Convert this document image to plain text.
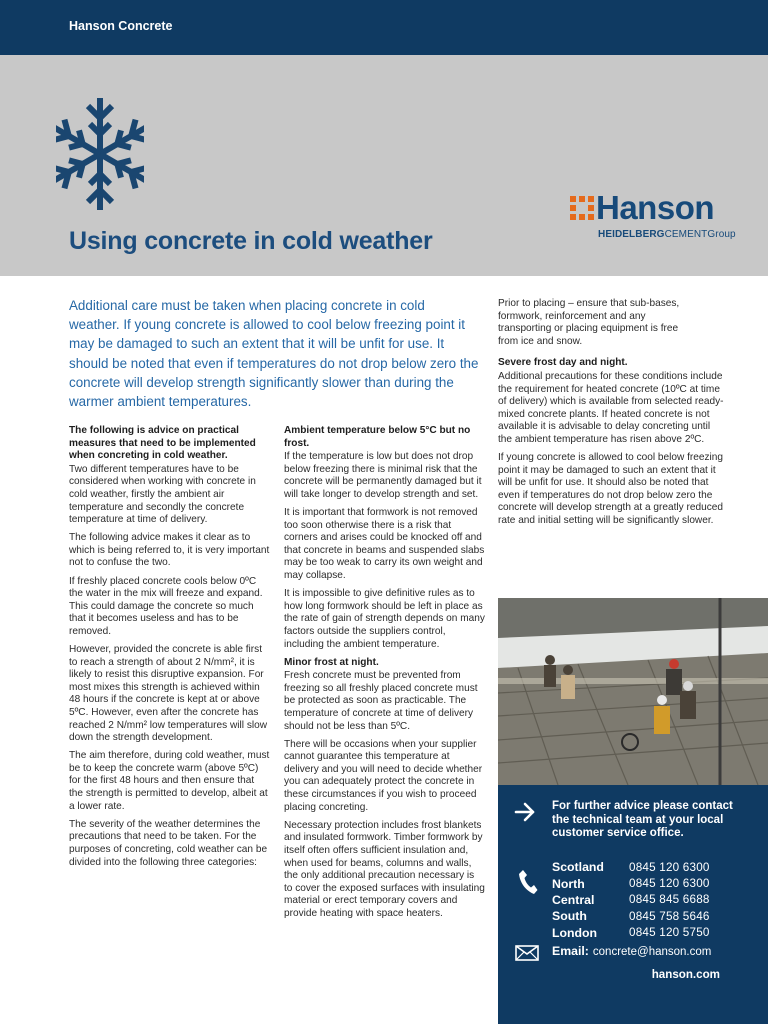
Hanson Concrete
Using concrete in cold weather
Hanson
HEIDELBERGCEMENTGroup
Additional care must be taken when placing concrete in cold weather. If young concrete is allowed to cool below freezing point it may be damaged to such an extent that it will be unfit for use. It should be noted that even if temperatures do not drop below zero the concrete will develop strength significantly slower than during the warmer ambient temperatures.

The following is advice on practical measures that need to be implemented when concreting in cold weather.

Two different temperatures have to be considered when working with concrete in cold weather, firstly the ambient air temperature and secondly the concrete temperature at time of delivery.

The following advice makes it clear as to which is being referred to, it is very important not to confuse the two.

If freshly placed concrete cools below 0ºC the water in the mix will freeze and expand. This could damage the concrete so much that it becomes useless and has to be removed.

However, provided the concrete is able first to reach a strength of about 2 N/mm², it is likely to resist this disruptive expansion. For most mixes this strength is achieved within 48 hours if the concrete is kept at or above 5ºC. However, even after the concrete has reached 2 N/mm² low temperatures will slow down the strength development.

The aim therefore, during cold weather, must be to keep the concrete warm (above 5ºC) for the first 48 hours and then ensure that the strength is permitted to develop, albeit at a lower rate.

The severity of the weather determines the precautions that need to be taken. For the purposes of concreting, cold weather can be divided into the following three categories:

Ambient temperature below 5°C but no frost.

If the temperature is low but does not drop below freezing there is minimal risk that the concrete will be permanently damaged but it will take longer to develop strength and set.

It is important that formwork is not removed too soon otherwise there is a risk that corners and arises could be knocked off and that concrete in beams and suspended slabs may be too weak to carry its own weight and may collapse.

It is impossible to give definitive rules as to how long formwork should be left in place as the rate of gain of strength depends on many factors outside the suppliers control, including the ambient temperature.

Minor frost at night.

Fresh concrete must be prevented from freezing so all freshly placed concrete must be protected as soon as practicable. The temperature of concrete at time of delivery should not be less than 5ºC.

There will be occasions when your supplier cannot guarantee this temperature at delivery and you will need to decide whether you can adequately protect the concrete in these circumstances if you wish to proceed placing concreting.

Necessary protection includes frost blankets and insulated formwork. Timber formwork by itself often offers sufficient insulation and, when used for beams, columns and walls, the only additional precaution necessary is to cover the exposed surfaces with insulating material or erect temporary covers and provide heating with space heaters.

Prior to placing – ensure that sub-bases, formwork, reinforcement and any transporting or placing equipment is free from ice and snow.

Severe frost day and night.

Additional precautions for these conditions include the requirement for heated concrete (10ºC at time of delivery) which is available from selected ready-mixed concrete plants. If heated concrete is not available it is advisable to delay concreting until the ambient temperature has risen above 2ºC.

If young concrete is allowed to cool below freezing point it may be damaged to such an extent that it will be unfit for use. It should also be noted that even if temperatures do not drop below zero the concrete will develop strength at a greatly reduced rate and initial setting will be significantly slower.

For further advice please contact the technical team at your local customer service office.
Scotland	0845 120 6300
North	0845 120 6300
Central	0845 845 6688
South	0845 758 5646
London	0845 120 5750
Email: concrete@hanson.com
hanson.com
